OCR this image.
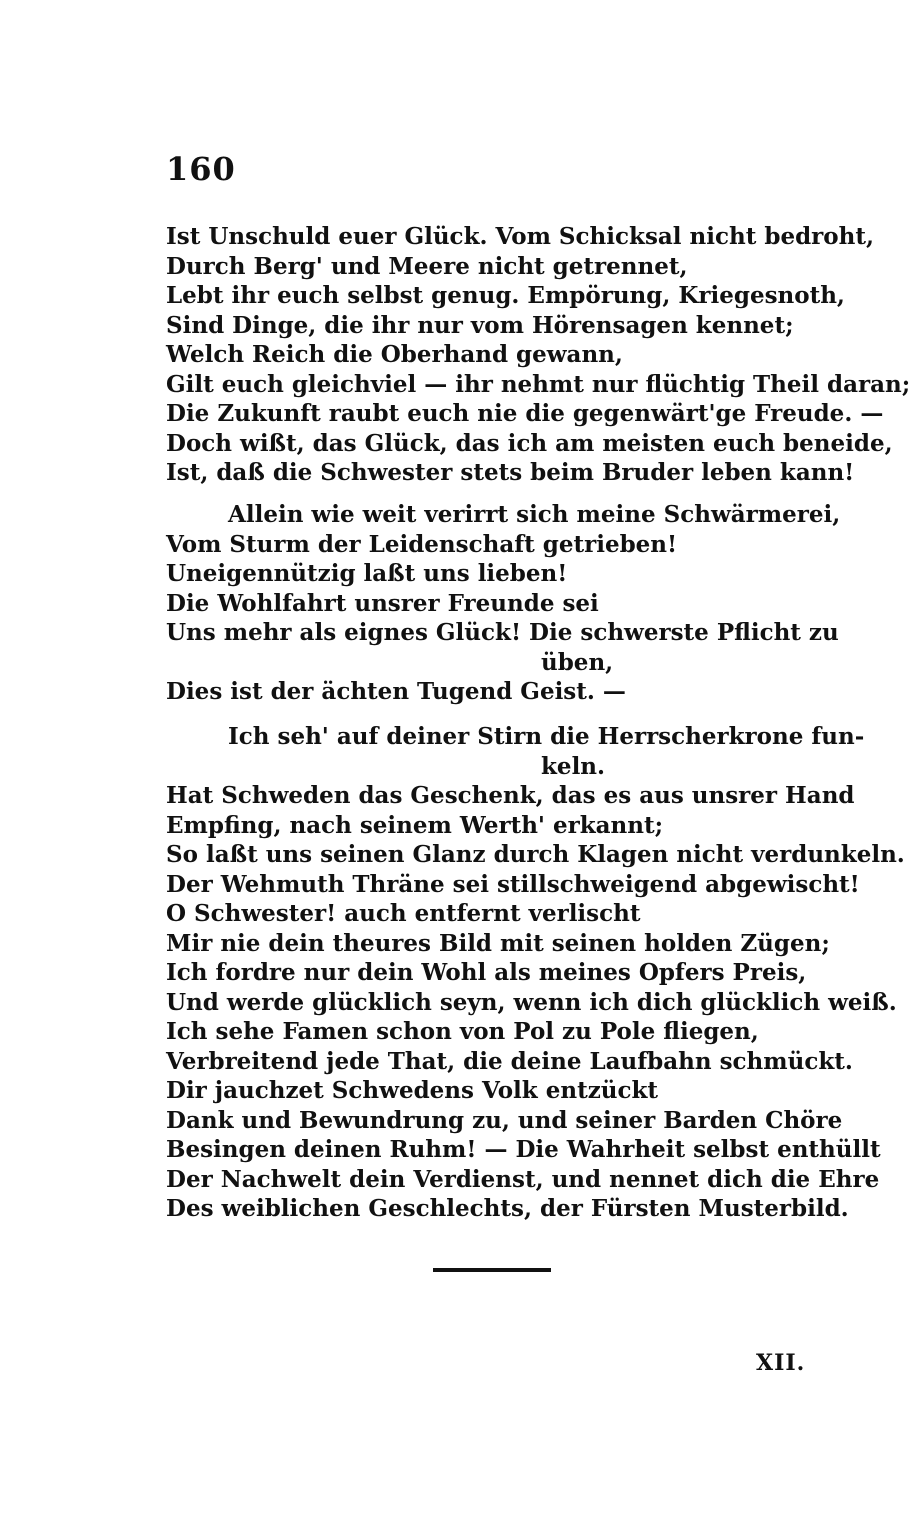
160
Ist Unschuld euer Glück. Vom Schicksal nicht bedroht,
Durch Berg' und Meere nicht getrennet,
Lebt ihr euch selbst genug. Empörung, Kriegesnoth,
Sind Dinge, die ihr nur vom Hörensagen kennet;
Welch Reich die Oberhand gewann,
Gilt euch gleichviel — ihr nehmt nur flüchtig Theil daran;
Die Zukunft raubt euch nie die gegenwärt'ge Freude. —
Doch wißt, das Glück, das ich am meisten euch beneide,
Ist, daß die Schwester stets beim Bruder leben kann!
Allein wie weit verirrt sich meine Schwärmerei,
Vom Sturm der Leidenschaft getrieben!
Uneigennützig laßt uns lieben!
Die Wohlfahrt unsrer Freunde sei
Uns mehr als eignes Glück! Die schwerste Pflicht zu
üben,
Dies ist der ächten Tugend Geist. —
Ich seh' auf deiner Stirn die Herrscherkrone fun-
keln.
Hat Schweden das Geschenk, das es aus unsrer Hand
Empfing, nach seinem Werth' erkannt;
So laßt uns seinen Glanz durch Klagen nicht verdunkeln.
Der Wehmuth Thräne sei stillschweigend abgewischt!
O Schwester! auch entfernt verlischt
Mir nie dein theures Bild mit seinen holden Zügen;
Ich fordre nur dein Wohl als meines Opfers Preis,
Und werde glücklich seyn, wenn ich dich glücklich weiß.
Ich sehe Famen schon von Pol zu Pole fliegen,
Verbreitend jede That, die deine Laufbahn schmückt.
Dir jauchzet Schwedens Volk entzückt
Dank und Bewundrung zu, und seiner Barden Chöre
Besingen deinen Ruhm! — Die Wahrheit selbst enthüllt
Der Nachwelt dein Verdienst, und nennet dich die Ehre
Des weiblichen Geschlechts, der Fürsten Musterbild.
XII.
